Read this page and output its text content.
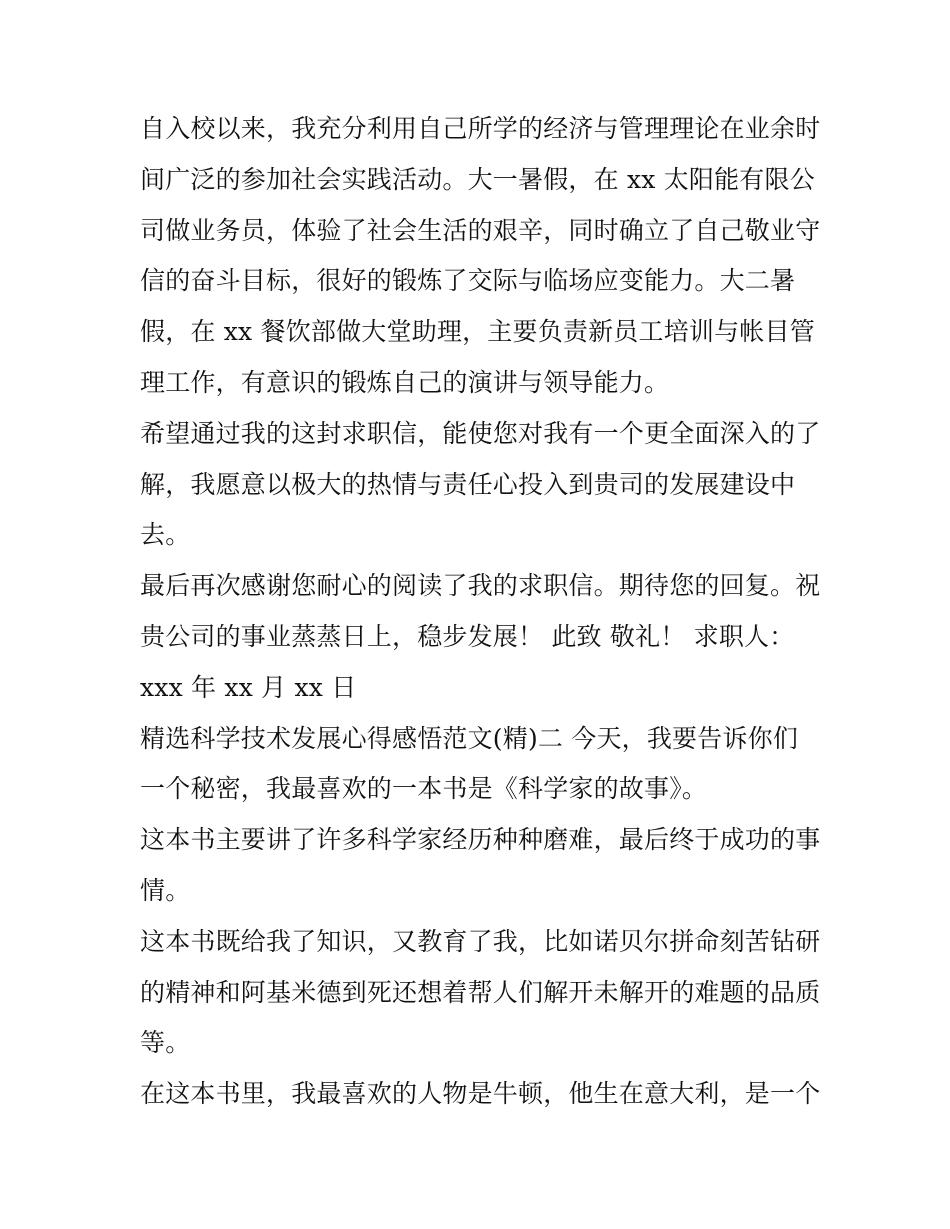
自入校以来，我充分利用自己所学的经济与管理理论在业余时
间广泛的参加社会实践活动。大一暑假，在 xx 太阳能有限公
司做业务员，体验了社会生活的艰辛，同时确立了自己敬业守
信的奋斗目标，很好的锻炼了交际与临场应变能力。大二暑
假，在 xx 餐饮部做大堂助理，主要负责新员工培训与帐目管
理工作，有意识的锻炼自己的演讲与领导能力。
希望通过我的这封求职信，能使您对我有一个更全面深入的了
解，我愿意以极大的热情与责任心投入到贵司的发展建设中
去。
最后再次感谢您耐心的阅读了我的求职信。期待您的回复。祝
贵公司的事业蒸蒸日上，稳步发展！ 此致 敬礼！ 求职人：
xxx 年 xx 月 xx 日
精选科学技术发展心得感悟范文(精)二 今天，我要告诉你们
一个秘密，我最喜欢的一本书是《科学家的故事》。
这本书主要讲了许多科学家经历种种磨难，最后终于成功的事
情。
这本书既给我了知识，又教育了我，比如诺贝尔拼命刻苦钻研
的精神和阿基米德到死还想着帮人们解开未解开的难题的品质
等。
在这本书里，我最喜欢的人物是牛顿，他生在意大利，是一个
